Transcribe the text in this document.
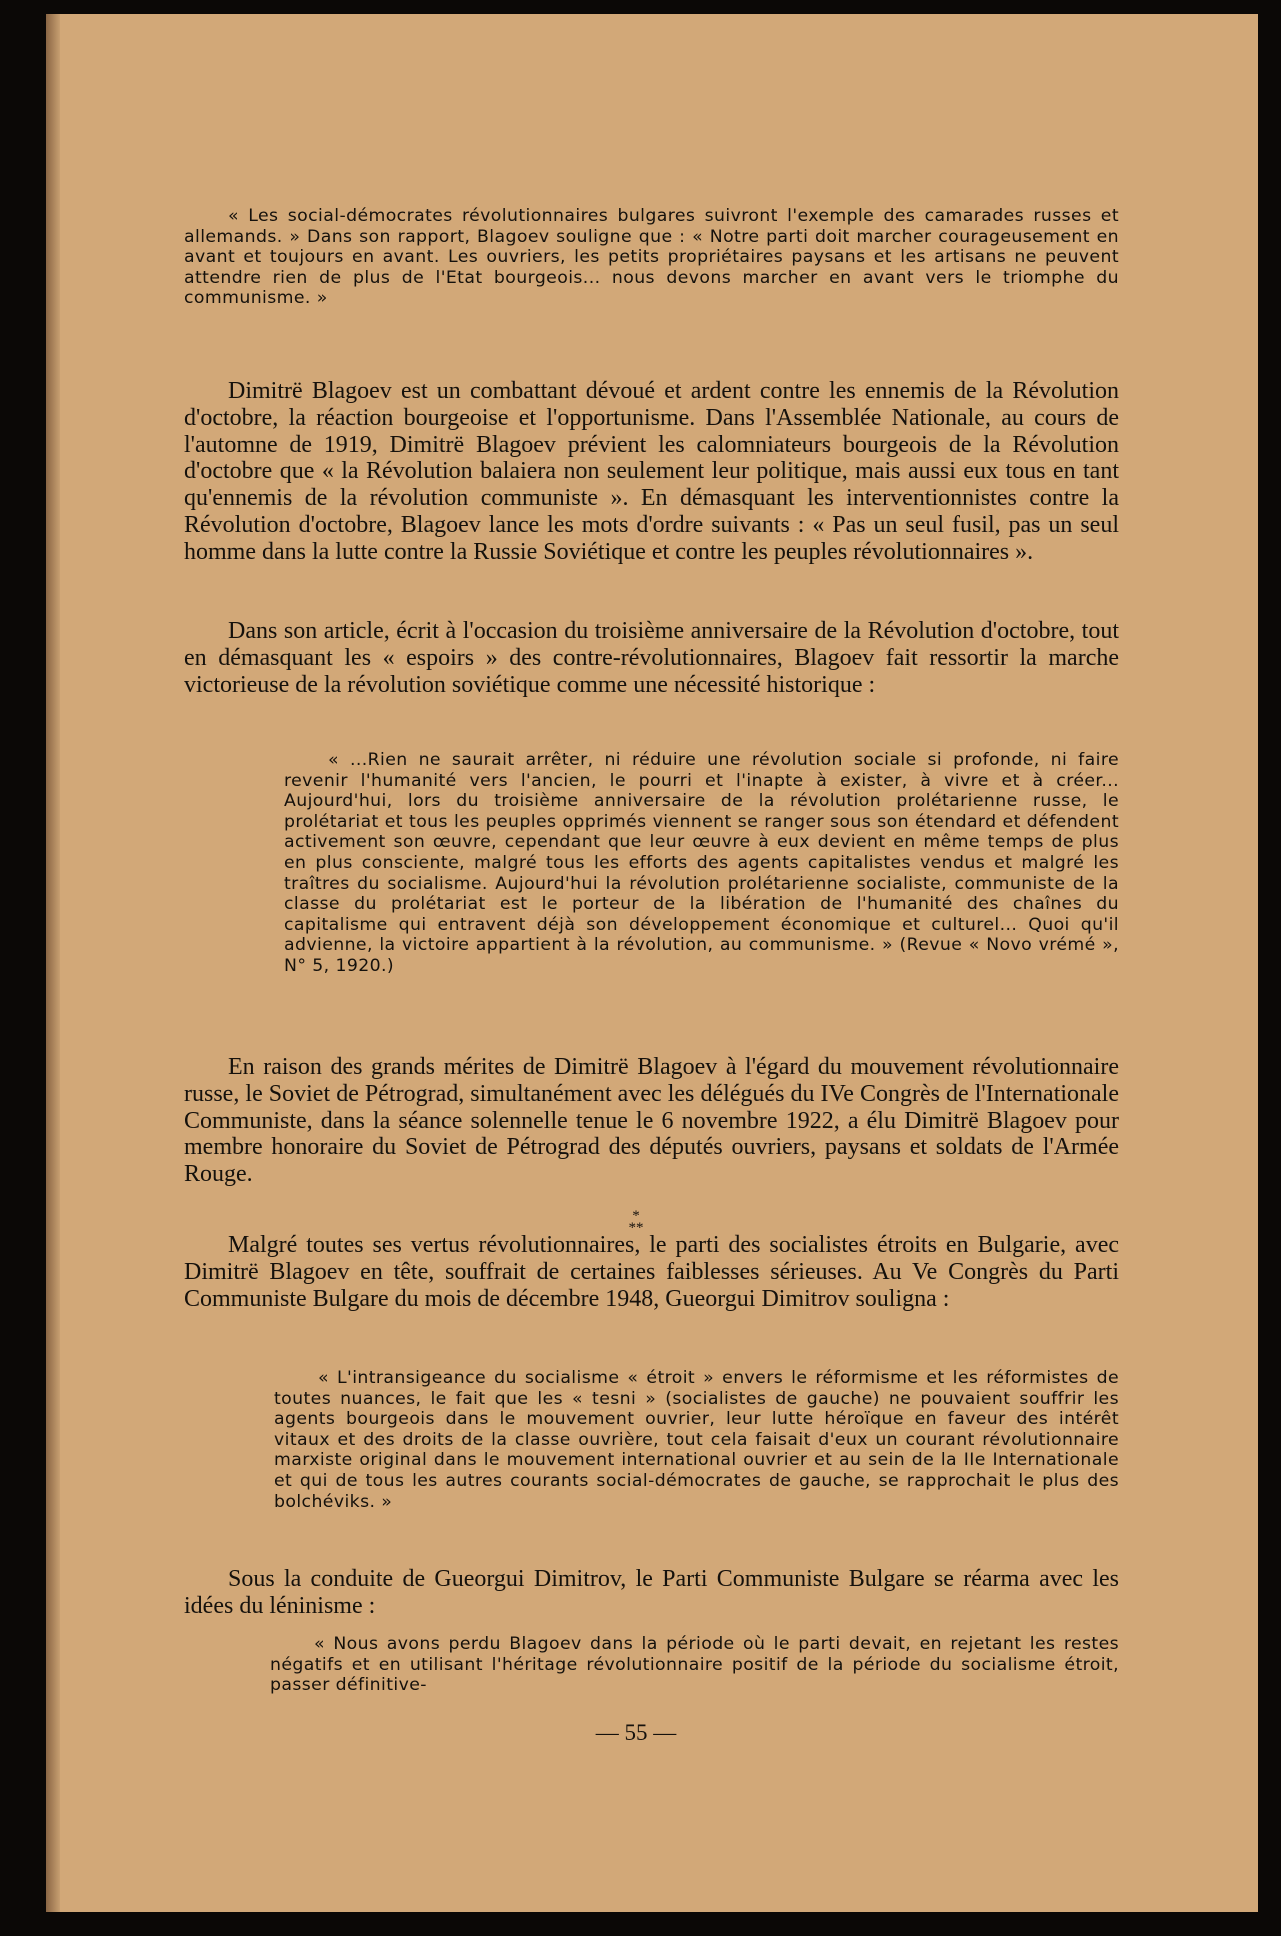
« Les social-démocrates révolutionnaires bulgares suivront l'exemple des camarades russes et allemands. » Dans son rapport, Blagoev souligne que : « Notre parti doit marcher courageusement en avant et toujours en avant. Les ouvriers, les petits propriétaires paysans et les artisans ne peuvent attendre rien de plus de l'Etat bourgeois... nous devons marcher en avant vers le triomphe du communisme. »

Dimitrë Blagoev est un combattant dévoué et ardent contre les ennemis de la Révolution d'octobre, la réaction bourgeoise et l'opportunisme. Dans l'Assemblée Nationale, au cours de l'automne de 1919, Dimitrë Blagoev prévient les calomniateurs bourgeois de la Révolution d'octobre que « la Révolution balaiera non seulement leur politique, mais aussi eux tous en tant qu'ennemis de la révolution communiste ». En démasquant les interventionnistes contre la Révolution d'octobre, Blagoev lance les mots d'ordre suivants : « Pas un seul fusil, pas un seul homme dans la lutte contre la Russie Soviétique et contre les peuples révolutionnaires ».

Dans son article, écrit à l'occasion du troisième anniversaire de la Révolution d'octobre, tout en démasquant les « espoirs » des contre-révolutionnaires, Blagoev fait ressortir la marche victorieuse de la révolution soviétique comme une nécessité historique :

« ...Rien ne saurait arrêter, ni réduire une révolution sociale si profonde, ni faire revenir l'humanité vers l'ancien, le pourri et l'inapte à exister, à vivre et à créer... Aujourd'hui, lors du troisième anniversaire de la révolution prolétarienne russe, le prolétariat et tous les peuples opprimés viennent se ranger sous son étendard et défendent activement son œuvre, cependant que leur œuvre à eux devient en même temps de plus en plus consciente, malgré tous les efforts des agents capitalistes vendus et malgré les traîtres du socialisme. Aujourd'hui la révolution prolétarienne socialiste, communiste de la classe du prolétariat est le porteur de la libération de l'humanité des chaînes du capitalisme qui entravent déjà son développement économique et culturel... Quoi qu'il advienne, la victoire appartient à la révolution, au communisme. » (Revue « Novo vrémé », N° 5, 1920.)

En raison des grands mérites de Dimitrë Blagoev à l'égard du mouvement révolutionnaire russe, le Soviet de Pétrograd, simultanément avec les délégués du IVe Congrès de l'Internationale Communiste, dans la séance solennelle tenue le 6 novembre 1922, a élu Dimitrë Blagoev pour membre honoraire du Soviet de Pétrograd des députés ouvriers, paysans et soldats de l'Armée Rouge.

*
**

Malgré toutes ses vertus révolutionnaires, le parti des socialistes étroits en Bulgarie, avec Dimitrë Blagoev en tête, souffrait de certaines faiblesses sérieuses. Au Ve Congrès du Parti Communiste Bulgare du mois de décembre 1948, Gueorgui Dimitrov souligna :

« L'intransigeance du socialisme « étroit » envers le réformisme et les réformistes de toutes nuances, le fait que les « tesni » (socialistes de gauche) ne pouvaient souffrir les agents bourgeois dans le mouvement ouvrier, leur lutte héroïque en faveur des intérêt vitaux et des droits de la classe ouvrière, tout cela faisait d'eux un courant révolutionnaire marxiste original dans le mouvement international ouvrier et au sein de la IIe Internationale et qui de tous les autres courants social-démocrates de gauche, se rapprochait le plus des bolchéviks. »

Sous la conduite de Gueorgui Dimitrov, le Parti Communiste Bulgare se réarma avec les idées du léninisme :

« Nous avons perdu Blagoev dans la période où le parti devait, en rejetant les restes négatifs et en utilisant l'héritage révolutionnaire positif de la période du socialisme étroit, passer définitive-

— 55 —
